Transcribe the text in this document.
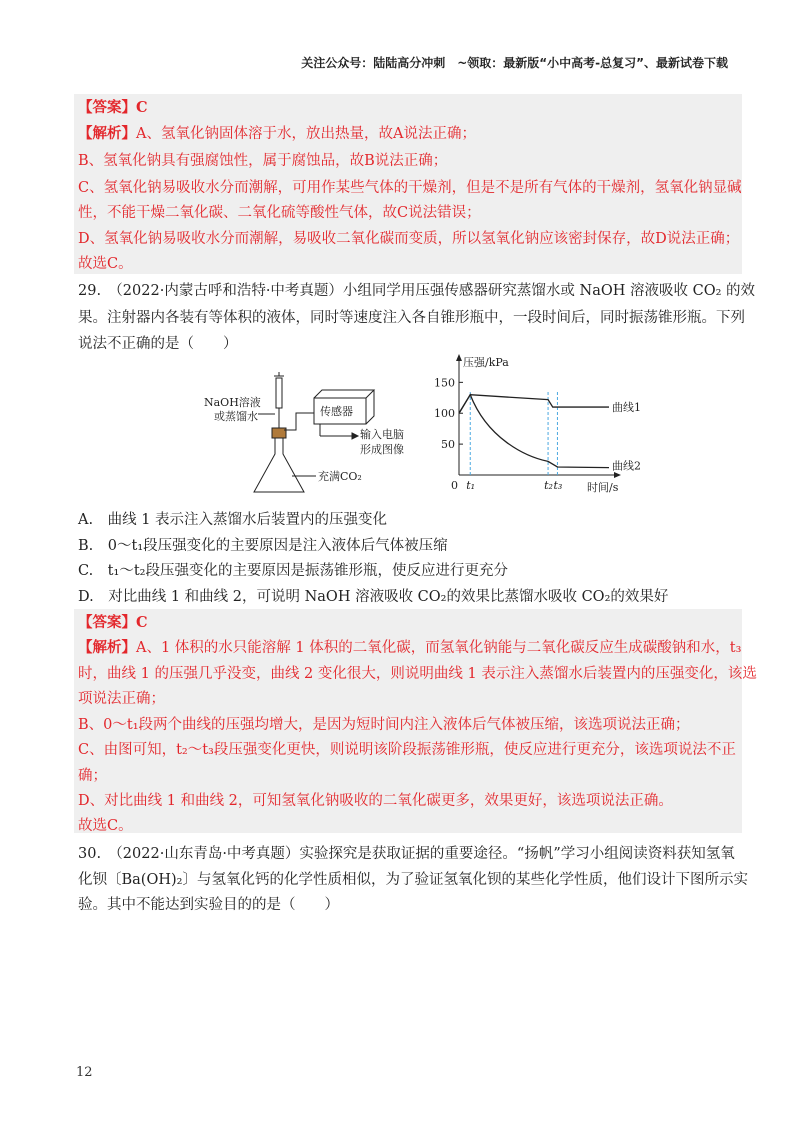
关注公众号：陆陆高分冲刺　~领取：最新版“小中高考-总复习”、最新试卷下载
【答案】C
【解析】A、氢氧化钠固体溶于水，放出热量，故A说法正确；
B、氢氧化钠具有强腐蚀性，属于腐蚀品，故B说法正确；
C、氢氧化钠易吸收水分而潮解，可用作某些气体的干燥剂，但是不是所有气体的干燥剂，氢氧化钠显碱
性，不能干燥二氧化碳、二氧化硫等酸性气体，故C说法错误；
D、氢氧化钠易吸收水分而潮解，易吸收二氧化碳而变质，所以氢氧化钠应该密封保存，故D说法正确；
故选C。
29.　（2022·内蒙古呼和浩特·中考真题）小组同学用压强传感器研究蒸馏水或 NaOH 溶液吸收 CO₂ 的效
果。注射器内各装有等体积的液体，同时等速度注入各自锥形瓶中，一段时间后，同时振荡锥形瓶。下列
说法不正确的是（　　）
NaOH溶液
或蒸馏水	传感器
输入电脑
形成图像
充满CO₂
压强/kPa
时间/s
50
100
150
0 t₁	t₂ t₃
曲线1
曲线2
A.　曲线 1 表示注入蒸馏水后装置内的压强变化
B.　0～t₁段压强变化的主要原因是注入液体后气体被压缩
C.　t₁～t₂段压强变化的主要原因是振荡锥形瓶，使反应进行更充分
D.　对比曲线 1 和曲线 2，可说明 NaOH 溶液吸收 CO₂的效果比蒸馏水吸收 CO₂的效果好
【答案】C
【解析】A、1 体积的水只能溶解 1 体积的二氧化碳，而氢氧化钠能与二氧化碳反应生成碳酸钠和水，t₃
时，曲线 1 的压强几乎没变，曲线 2 变化很大，则说明曲线 1 表示注入蒸馏水后装置内的压强变化，该选
项说法正确；
B、0～t₁段两个曲线的压强均增大，是因为短时间内注入液体后气体被压缩，该选项说法正确；
C、由图可知，t₂～t₃段压强变化更快，则说明该阶段振荡锥形瓶，使反应进行更充分，该选项说法不正
确；
D、对比曲线 1 和曲线 2，可知氢氧化钠吸收的二氧化碳更多，效果更好，该选项说法正确。
故选C。
30.　（2022·山东青岛·中考真题）实验探究是获取证据的重要途径。“扬帆”学习小组阅读资料获知氢氧
化钡〔Ba(OH)₂〕与氢氧化钙的化学性质相似，为了验证氢氧化钡的某些化学性质，他们设计下图所示实
验。其中不能达到实验目的的是（　　）
12
